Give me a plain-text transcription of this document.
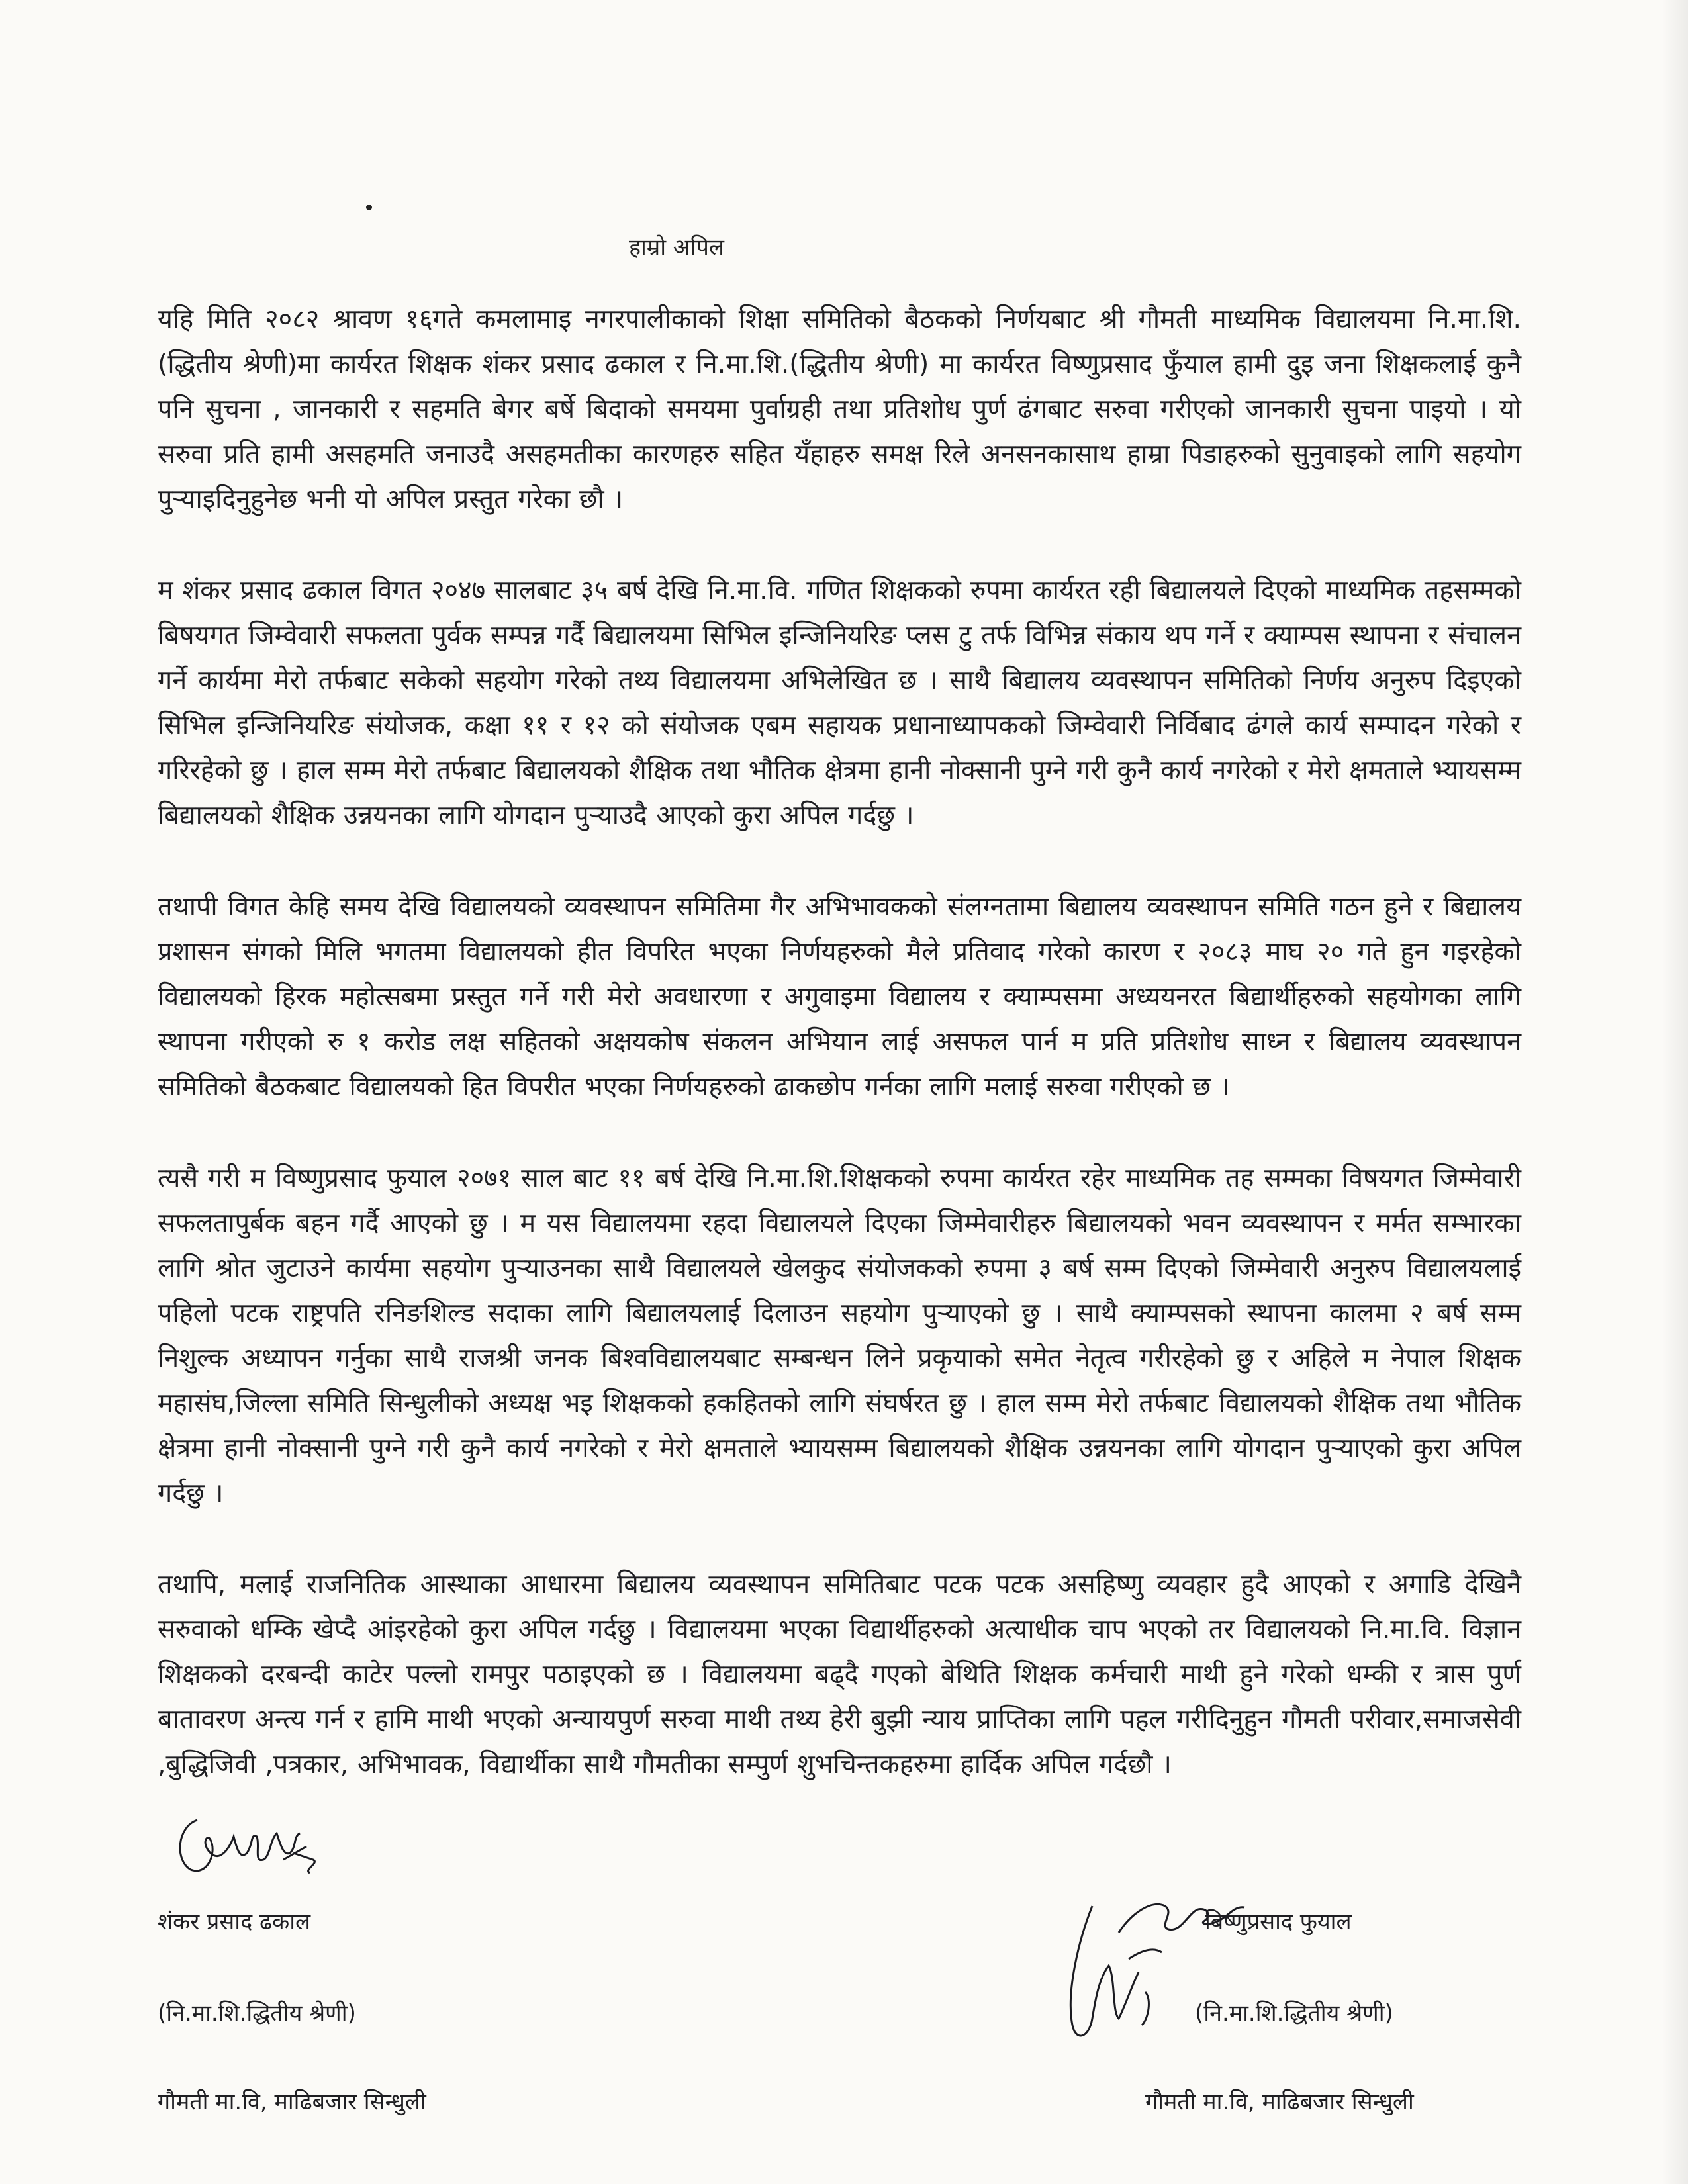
हाम्रो अपिल

यहि मिति २०८२ श्रावण १६गते कमलामाइ नगरपालीकाको शिक्षा समितिको बैठकको निर्णयबाट श्री गौमती माध्यमिक विद्यालयमा नि.मा.शि.(द्धितीय श्रेणी)मा कार्यरत शिक्षक शंकर प्रसाद ढकाल र नि.मा.शि.(द्धितीय श्रेणी) मा कार्यरत विष्णुप्रसाद फुँयाल हामी दुइ जना शिक्षकलाई कुनै पनि सुचना , जानकारी र सहमति बेगर बर्षे बिदाको समयमा पुर्वाग्रही तथा प्रतिशोध पुर्ण ढंगबाट सरुवा गरीएको जानकारी सुचना पाइयो । यो सरुवा प्रति हामी असहमति जनाउदै असहमतीका कारणहरु सहित यँहाहरु समक्ष रिले अनसनकासाथ हाम्रा पिडाहरुको सुनुवाइको लागि सहयोग पुर्‍याइदिनुहुनेछ भनी यो अपिल प्रस्तुत गरेका छौ ।

म शंकर प्रसाद ढकाल विगत २०४७ सालबाट ३५ बर्ष देखि नि.मा.वि. गणित शिक्षकको रुपमा कार्यरत रही बिद्यालयले दिएको माध्यमिक तहसम्मको बिषयगत जिम्वेवारी सफलता पुर्वक सम्पन्न गर्दै बिद्यालयमा सिभिल इन्जिनियरिङ प्लस टु तर्फ विभिन्न संकाय थप गर्ने र क्याम्पस स्थापना र संचालन गर्ने कार्यमा मेरो तर्फबाट सकेको सहयोग गरेको तथ्य विद्यालयमा अभिलेखित छ । साथै बिद्यालय व्यवस्थापन समितिको निर्णय अनुरुप दिइएको सिभिल इन्जिनियरिङ संयोजक, कक्षा ११ र १२ को संयोजक एबम सहायक प्रधानाध्यापकको जिम्वेवारी निर्विबाद ढंगले कार्य सम्पादन गरेको र गरिरहेको छु । हाल सम्म मेरो तर्फबाट बिद्यालयको शैक्षिक तथा भौतिक क्षेत्रमा हानी नोक्सानी पुग्ने गरी कुनै कार्य नगरेको र मेरो क्षमताले भ्यायसम्म बिद्यालयको शैक्षिक उन्नयनका लागि योगदान पुर्‍याउदै आएको कुरा अपिल गर्दछु ।

तथापी विगत केहि समय देखि विद्यालयको व्यवस्थापन समितिमा गैर अभिभावकको संलग्नतामा बिद्यालय व्यवस्थापन समिति गठन हुने र बिद्यालय प्रशासन संगको मिलि भगतमा विद्यालयको हीत विपरित भएका निर्णयहरुको मैले प्रतिवाद गरेको कारण र २०८३ माघ २० गते हुन गइरहेको विद्यालयको हिरक महोत्सबमा प्रस्तुत गर्ने गरी मेरो अवधारणा र अगुवाइमा विद्यालय र क्याम्पसमा अध्ययनरत बिद्यार्थीहरुको सहयोगका लागि स्थापना गरीएको रु १ करोड लक्ष सहितको अक्षयकोष संकलन अभियान लाई असफल पार्न म प्रति प्रतिशोध साध्न र बिद्यालय व्यवस्थापन समितिको बैठकबाट विद्यालयको हित विपरीत भएका निर्णयहरुको ढाकछोप गर्नका लागि मलाई सरुवा गरीएको छ ।

त्यसै गरी म विष्णुप्रसाद फुयाल २०७१ साल बाट ११ बर्ष देखि नि.मा.शि.शिक्षकको रुपमा कार्यरत रहेर माध्यमिक तह सम्मका विषयगत जिम्मेवारी सफलतापुर्बक बहन गर्दै आएको छु । म यस विद्यालयमा रहदा विद्यालयले दिएका जिम्मेवारीहरु बिद्यालयको भवन व्यवस्थापन र मर्मत सम्भारका लागि श्रोत जुटाउने कार्यमा सहयोग पुर्‍याउनका साथै विद्यालयले खेलकुद संयोजकको रुपमा ३ बर्ष सम्म दिएको जिम्मेवारी अनुरुप विद्यालयलाई पहिलो पटक राष्ट्रपति रनिङशिल्ड सदाका लागि बिद्यालयलाई दिलाउन सहयोग पुर्‍याएको छु । साथै क्याम्पसको स्थापना कालमा २ बर्ष सम्म निशुल्क अध्यापन गर्नुका साथै राजश्री जनक बिश्वविद्यालयबाट सम्बन्धन लिने प्रकृयाको समेत नेतृत्व गरीरहेको छु र अहिले म नेपाल शिक्षक महासंघ,जिल्ला समिति सिन्धुलीको अध्यक्ष भइ शिक्षकको हकहितको लागि संघर्षरत छु । हाल सम्म मेरो तर्फबाट विद्यालयको शैक्षिक तथा भौतिक क्षेत्रमा हानी नोक्सानी पुग्ने गरी कुनै कार्य नगरेको र मेरो क्षमताले भ्यायसम्म बिद्यालयको शैक्षिक उन्नयनका लागि योगदान पुर्‍याएको कुरा अपिल गर्दछु ।

तथापि, मलाई राजनितिक आस्थाका आधारमा बिद्यालय व्यवस्थापन समितिबाट पटक पटक असहिष्णु व्यवहार हुदै आएको र अगाडि देखिनै सरुवाको धम्कि खेप्दै आंइरहेको कुरा अपिल गर्दछु । विद्यालयमा भएका विद्यार्थीहरुको अत्याधीक चाप भएको तर विद्यालयको नि.मा.वि. विज्ञान शिक्षकको दरबन्दी काटेर पल्लो रामपुर पठाइएको छ । विद्यालयमा बढ्दै गएको बेथिति शिक्षक कर्मचारी माथी हुने गरेको धम्की र त्रास पुर्ण बातावरण अन्त्य गर्न र हामि माथी भएको अन्यायपुर्ण सरुवा माथी तथ्य हेरी बुझी न्याय प्राप्तिका लागि पहल गरीदिनुहुन गौमती परीवार,समाजसेवी ,बुद्धिजिवी ,पत्रकार, अभिभावक, विद्यार्थीका साथै गौमतीका सम्पुर्ण शुभचिन्तकहरुमा हार्दिक अपिल गर्दछौ ।

शंकर प्रसाद ढकाल
(नि.मा.शि.द्धितीय श्रेणी)
गौमती मा.वि, माढिबजार सिन्धुली
बिष्णुप्रसाद फुयाल
(नि.मा.शि.द्धितीय श्रेणी)
गौमती मा.वि, माढिबजार सिन्धुली
